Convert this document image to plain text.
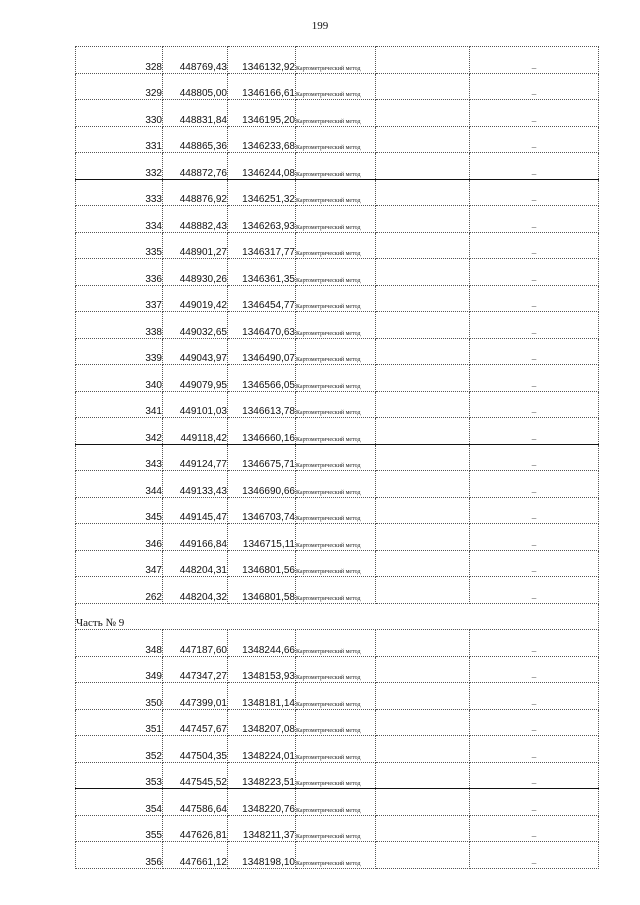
199
328	448769,43	1346132,92	Картометрический метод		–
329	448805,00	1346166,61	Картометрический метод		–
330	448831,84	1346195,20	Картометрический метод		–
331	448865,36	1346233,68	Картометрический метод		–
332	448872,76	1346244,08	Картометрический метод		–
333	448876,92	1346251,32	Картометрический метод		–
334	448882,43	1346263,93	Картометрический метод		–
335	448901,27	1346317,77	Картометрический метод		–
336	448930,26	1346361,35	Картометрический метод		–
337	449019,42	1346454,77	Картометрический метод		–
338	449032,65	1346470,63	Картометрический метод		–
339	449043,97	1346490,07	Картометрический метод		–
340	449079,95	1346566,05	Картометрический метод		–
341	449101,03	1346613,78	Картометрический метод		–
342	449118,42	1346660,16	Картометрический метод		–
343	449124,77	1346675,71	Картометрический метод		–
344	449133,43	1346690,66	Картометрический метод		–
345	449145,47	1346703,74	Картометрический метод		–
346	449166,84	1346715,11	Картометрический метод		–
347	448204,31	1346801,56	Картометрический метод		–
262	448204,32	1346801,58	Картометрический метод		–
Часть № 9					
348	447187,60	1348244,66	Картометрический метод		–
349	447347,27	1348153,93	Картометрический метод		–
350	447399,01	1348181,14	Картометрический метод		–
351	447457,67	1348207,08	Картометрический метод		–
352	447504,35	1348224,01	Картометрический метод		–
353	447545,52	1348223,51	Картометрический метод		–
354	447586,64	1348220,76	Картометрический метод		–
355	447626,81	1348211,37	Картометрический метод		–
356	447661,12	1348198,10	Картометрический метод		–
